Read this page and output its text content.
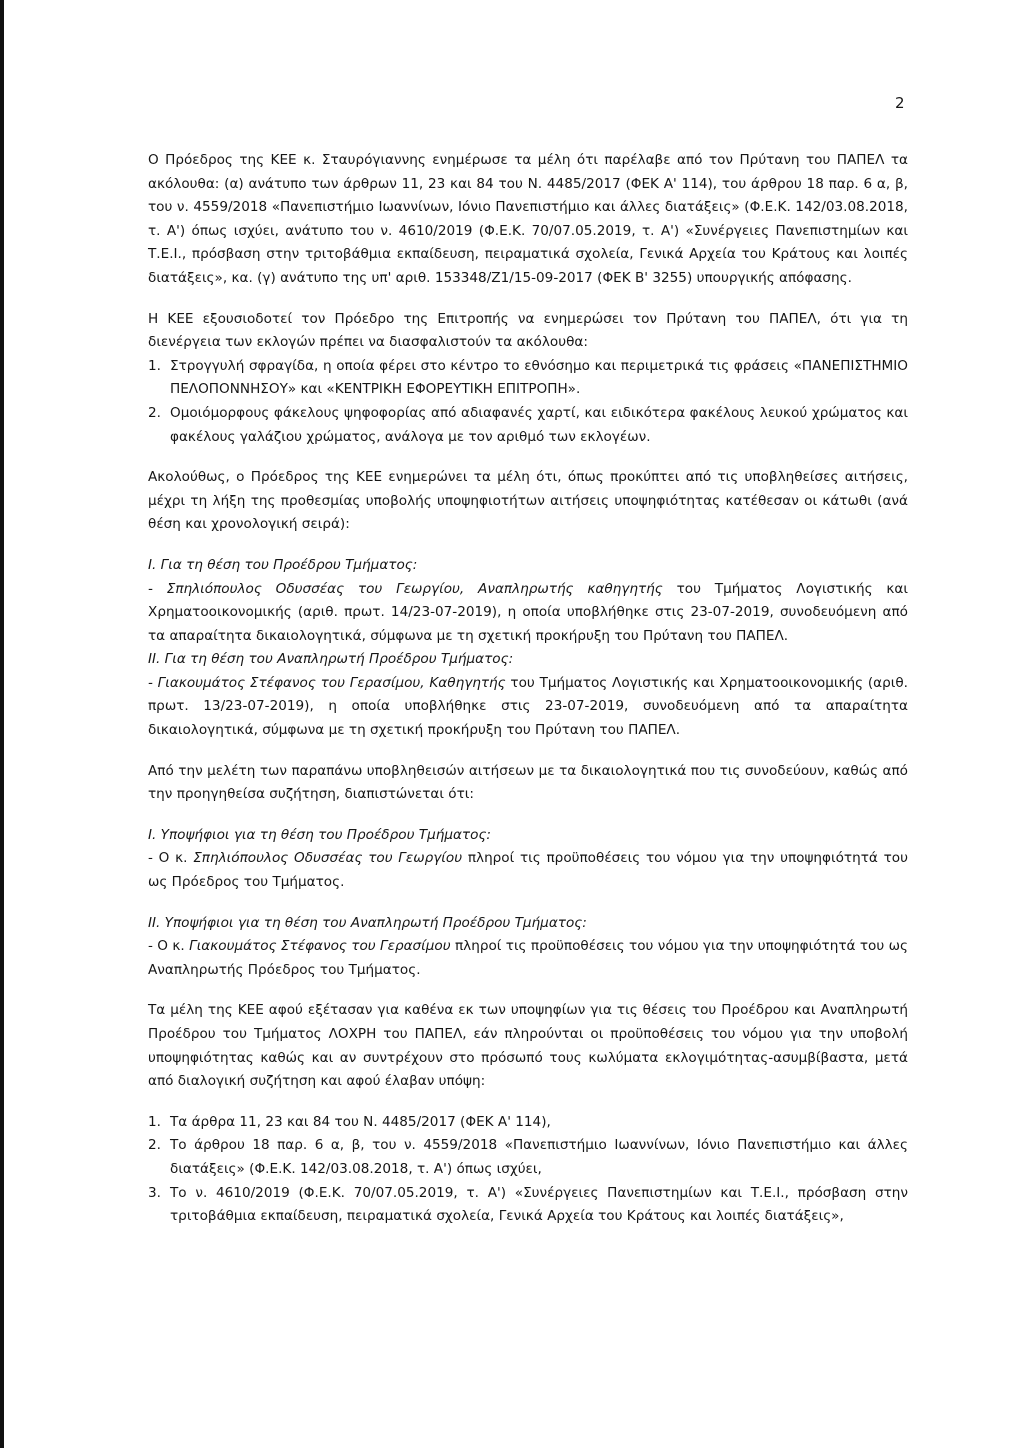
2

Ο Πρόεδρος της ΚΕΕ κ. Σταυρόγιαννης ενημέρωσε τα μέλη ότι παρέλαβε από τον Πρύτανη του ΠΑΠΕΛ τα ακόλουθα: (α) ανάτυπο των άρθρων 11, 23 και 84 του Ν. 4485/2017 (ΦΕΚ Α' 114), του άρθρου 18 παρ. 6 α, β, του ν. 4559/2018 «Πανεπιστήμιο Ιωαννίνων, Ιόνιο Πανεπιστήμιο και άλλες διατάξεις» (Φ.Ε.Κ. 142/03.08.2018, τ. Α') όπως ισχύει, ανάτυπο του ν. 4610/2019 (Φ.Ε.Κ. 70/07.05.2019, τ. Α') «Συνέργειες Πανεπιστημίων και Τ.Ε.Ι., πρόσβαση στην τριτοβάθμια εκπαίδευση, πειραματικά σχολεία, Γενικά Αρχεία του Κράτους και λοιπές διατάξεις», κα. (γ) ανάτυπο της υπ' αριθ. 153348/Ζ1/15-09-2017 (ΦΕΚ Β' 3255) υπουργικής απόφασης.

Η ΚΕΕ εξουσιοδοτεί τον Πρόεδρο της Επιτροπής να ενημερώσει τον Πρύτανη του ΠΑΠΕΛ, ότι για τη διενέργεια των εκλογών πρέπει να διασφαλιστούν τα ακόλουθα:

1. Στρογγυλή σφραγίδα, η οποία φέρει στο κέντρο το εθνόσημο και περιμετρικά τις φράσεις «ΠΑΝΕΠΙΣΤΗΜΙΟ ΠΕΛΟΠΟΝΝΗΣΟΥ» και «ΚΕΝΤΡΙΚΗ ΕΦΟΡΕΥΤΙΚΗ ΕΠΙΤΡΟΠΗ».
2. Ομοιόμορφους φάκελους ψηφοφορίας από αδιαφανές χαρτί, και ειδικότερα φακέλους λευκού χρώματος και φακέλους γαλάζιου χρώματος, ανάλογα με τον αριθμό των εκλογέων.

Ακολούθως, ο Πρόεδρος της ΚΕΕ ενημερώνει τα μέλη ότι, όπως προκύπτει από τις υποβληθείσες αιτήσεις, μέχρι τη λήξη της προθεσμίας υποβολής υποψηφιοτήτων αιτήσεις υποψηφιότητας κατέθεσαν οι κάτωθι (ανά θέση και χρονολογική σειρά):

I. Για τη θέση του Προέδρου Τμήματος:

- Σπηλιόπουλος Οδυσσέας του Γεωργίου, Αναπληρωτής καθηγητής του Τμήματος Λογιστικής και Χρηματοοικονομικής (αριθ. πρωτ. 14/23-07-2019), η οποία υποβλήθηκε στις 23-07-2019, συνοδευόμενη από τα απαραίτητα δικαιολογητικά, σύμφωνα με τη σχετική προκήρυξη του Πρύτανη του ΠΑΠΕΛ.

II. Για τη θέση του Αναπληρωτή Προέδρου Τμήματος:

- Γιακουμάτος Στέφανος του Γερασίμου, Καθηγητής του Τμήματος Λογιστικής και Χρηματοοικονομικής (αριθ. πρωτ. 13/23-07-2019), η οποία υποβλήθηκε στις 23-07-2019, συνοδευόμενη από τα απαραίτητα δικαιολογητικά, σύμφωνα με τη σχετική προκήρυξη του Πρύτανη του ΠΑΠΕΛ.

Από την μελέτη των παραπάνω υποβληθεισών αιτήσεων με τα δικαιολογητικά που τις συνοδεύουν, καθώς από την προηγηθείσα συζήτηση, διαπιστώνεται ότι:

I. Υποψήφιοι για τη θέση του Προέδρου Τμήματος:

- Ο κ. Σπηλιόπουλος Οδυσσέας του Γεωργίου πληροί τις προϋποθέσεις του νόμου για την υποψηφιότητά του ως Πρόεδρος του Τμήματος.

II. Υποψήφιοι για τη θέση του Αναπληρωτή Προέδρου Τμήματος:

- Ο κ. Γιακουμάτος Στέφανος του Γερασίμου πληροί τις προϋποθέσεις του νόμου για την υποψηφιότητά του ως Αναπληρωτής Πρόεδρος του Τμήματος.

Τα μέλη της ΚΕΕ αφού εξέτασαν για καθένα εκ των υποψηφίων για τις θέσεις του Προέδρου και Αναπληρωτή Προέδρου του Τμήματος ΛΟΧΡΗ του ΠΑΠΕΛ, εάν πληρούνται οι προϋποθέσεις του νόμου για την υποβολή υποψηφιότητας καθώς και αν συντρέχουν στο πρόσωπό τους κωλύματα εκλογιμότητας-ασυμβίβαστα, μετά από διαλογική συζήτηση και αφού έλαβαν υπόψη:

1. Τα άρθρα 11, 23 και 84 του Ν. 4485/2017 (ΦΕΚ Α' 114),
2. Το άρθρου 18 παρ. 6 α, β, του ν. 4559/2018 «Πανεπιστήμιο Ιωαννίνων, Ιόνιο Πανεπιστήμιο και άλλες διατάξεις» (Φ.Ε.Κ. 142/03.08.2018, τ. Α') όπως ισχύει,
3. Το ν. 4610/2019 (Φ.Ε.Κ. 70/07.05.2019, τ. Α') «Συνέργειες Πανεπιστημίων και Τ.Ε.Ι., πρόσβαση στην τριτοβάθμια εκπαίδευση, πειραματικά σχολεία, Γενικά Αρχεία του Κράτους και λοιπές διατάξεις»,
